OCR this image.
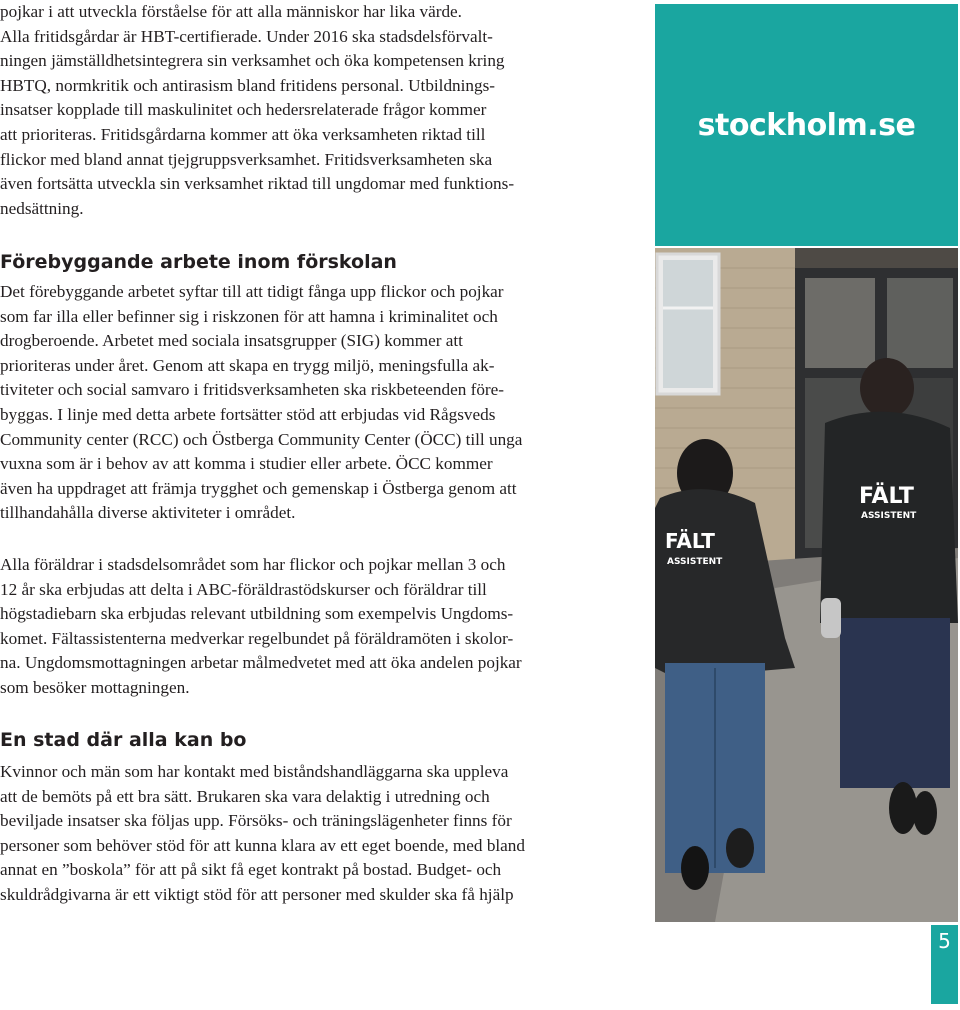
pojkar i att utveckla förståelse för att alla människor har lika värde.
Alla fritidsgårdar är HBT-certifierade. Under 2016 ska stadsdelsförvalt-
ningen jämställdhetsintegrera sin verksamhet och öka kompetensen kring
HBTQ, normkritik och antirasism bland fritidens personal. Utbildnings-
insatser kopplade till maskulinitet och hedersrelaterade frågor kommer
att prioriteras. Fritidsgårdarna kommer att öka verksamheten riktad till
flickor med bland annat tjejgruppsverksamhet. Fritidsverksamheten ska
även fortsätta utveckla sin verksamhet riktad till ungdomar med funktions-
nedsättning.

Förebyggande arbete inom förskolan

Det förebyggande arbetet syftar till att tidigt fånga upp flickor och pojkar
som far illa eller befinner sig i riskzonen för att hamna i kriminalitet och
drogberoende. Arbetet med sociala insatsgrupper (SIG) kommer att
prioriteras under året. Genom att skapa en trygg miljö, meningsfulla ak-
tiviteter och social samvaro i fritidsverksamheten ska riskbeteenden före-
byggas. I linje med detta arbete fortsätter stöd att erbjudas vid Rågsveds
Community center (RCC) och Östberga Community Center (ÖCC) till unga
vuxna som är i behov av att komma i studier eller arbete. ÖCC kommer
även ha uppdraget att främja trygghet och gemenskap i Östberga genom att
tillhandahålla diverse aktiviteter i området.

Alla föräldrar i stadsdelsområdet som har flickor och pojkar mellan 3 och
12 år ska erbjudas att delta i ABC-föräldrastödskurser och föräldrar till
högstadiebarn ska erbjudas relevant utbildning som exempelvis Ungdoms-
komet. Fältassistenterna medverkar regelbundet på föräldramöten i skolor-
na. Ungdomsmottagningen arbetar målmedvetet med att öka andelen pojkar
som besöker mottagningen.

En stad där alla kan bo

Kvinnor och män som har kontakt med biståndshandläggarna ska uppleva
att de bemöts på ett bra sätt. Brukaren ska vara delaktig i utredning och
beviljade insatser ska följas upp. Försöks- och träningslägenheter finns för
personer som behöver stöd för att kunna klara av ett eget boende, med bland
annat en ”boskola” för att på sikt få eget kontrakt på bostad. Budget- och
skuldrådgivarna är ett viktigt stöd för att personer med skulder ska få hjälp

stockholm.se
FÄLT
ASSISTENT
FÄLT
ASSISTENT
5
